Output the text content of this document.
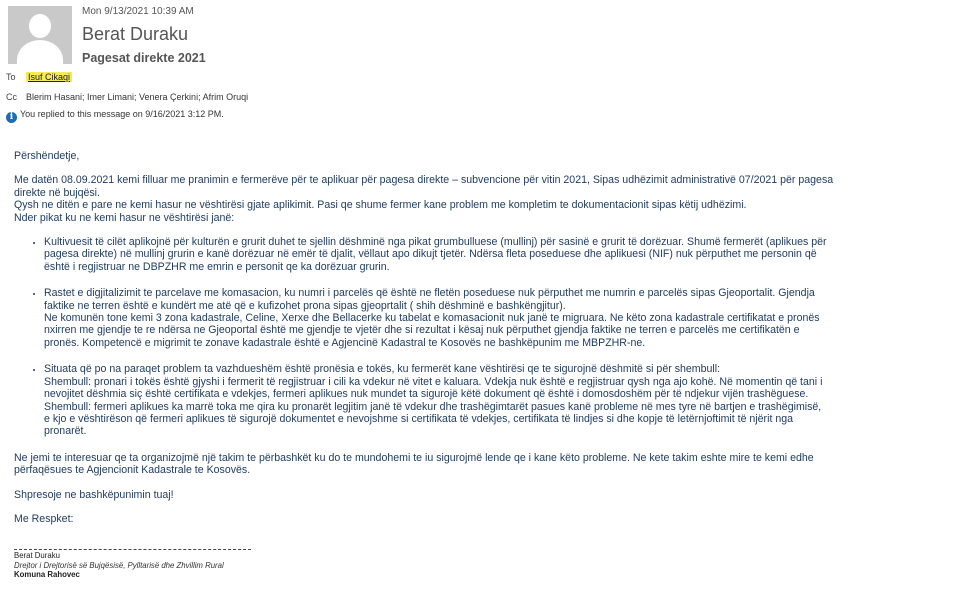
Mon 9/13/2021 10:39 AM
Berat Duraku
Pagesat direkte 2021
To Isuf Cikaqi
Cc Blerim Hasani; Imer Limani; Venera Çerkini; Afrim Oruqi
i You replied to this message on 9/16/2021 3:12 PM.

Përshëndetje,

Me datën 08.09.2021 kemi filluar me pranimin e fermerëve për te aplikuar për pagesa direkte – subvencione për vitin 2021, Sipas udhëzimit administrativë 07/2021 për pagesa
direkte në bujqësi.
Qysh ne ditën e pare ne kemi hasur ne vështirësi gjate aplikimit. Pasi qe shume fermer kane problem me kompletim te dokumentacionit sipas këtij udhëzimi.
Nder pikat ku ne kemi hasur ne vështirësi janë:

• Kultivuesit të cilët aplikojnë për kulturën e grurit duhet te sjellin dëshminë nga pikat grumbulluese (mullinj) për sasinë e grurit të dorëzuar. Shumë fermerët (aplikues për
pagesa direkte) në mullinj grurin e kanë dorëzuar në emër të djalit, vëllaut apo dikujt tjetër. Ndërsa fleta poseduese dhe aplikuesi (NIF) nuk përputhet me personin që
është i regjistruar ne DBPZHR me emrin e personit qe ka dorëzuar grurin.
• Rastet e digjitalizimit te parcelave me komasacion, ku numri i parcelës që është ne fletën poseduese nuk përputhet me numrin e parcelës sipas Gjeoportalit. Gjendja
faktike ne terren është e kundërt me atë që e kufizohet prona sipas gjeoprtalit ( shih dëshminë e bashkëngjitur).
Ne komunën tone kemi 3 zona kadastrale, Celine, Xerxe dhe Bellacerke ku tabelat e komasacionit nuk janë te migruara. Ne këto zona kadastrale certifikatat e pronës
nxirren me gjendje te re ndërsa ne Gjeoportal është me gjendje te vjetër dhe si rezultat i kësaj nuk përputhet gjendja faktike ne terren e parcelës me certifikatën e
pronës. Kompetencë e migrimit te zonave kadastrale është e Agjencinë Kadastral te Kosovës ne bashkëpunim me MBPZHR-ne.
• Situata që po na paraqet problem ta vazhdueshëm është pronësia e tokës, ku fermerët kane vështirësi qe te sigurojnë dëshmitë si për shembull:
Shembull: pronari i tokës është gjyshi i fermerit të regjistruar i cili ka vdekur në vitet e kaluara. Vdekja nuk është e regjistruar qysh nga ajo kohë. Në momentin që tani i
nevojitet dëshmia siç është certifikata e vdekjes, fermeri aplikues nuk mundet ta sigurojë këtë dokument që është i domosdoshëm për të ndjekur vijën trashëguese.
Shembull: fermeri aplikues ka marrë toka me qira ku pronarët legjitim janë të vdekur dhe trashëgimtarët pasues kanë probleme në mes tyre në bartjen e trashëgimisë,
e kjo e vështirëson që fermeri aplikues të sigurojë dokumentet e nevojshme si certifikata të vdekjes, certifikata të lindjes si dhe kopje të letërnjoftimit të njërit nga
pronarët.

Ne jemi te interesuar qe ta organizojmë një takim te përbashkët ku do te mundohemi te iu sigurojmë lende qe i kane këto probleme. Ne kete takim eshte mire te kemi edhe
përfaqësues te Agjencionit Kadastrale te Kosovës.

Shpresoje ne bashkëpunimin tuaj!

Me Respket:

Berat Duraku
Drejtor i Drejtorisë së Bujqësisë, Pylltarisë dhe Zhvillim Rural
Komuna Rahovec
